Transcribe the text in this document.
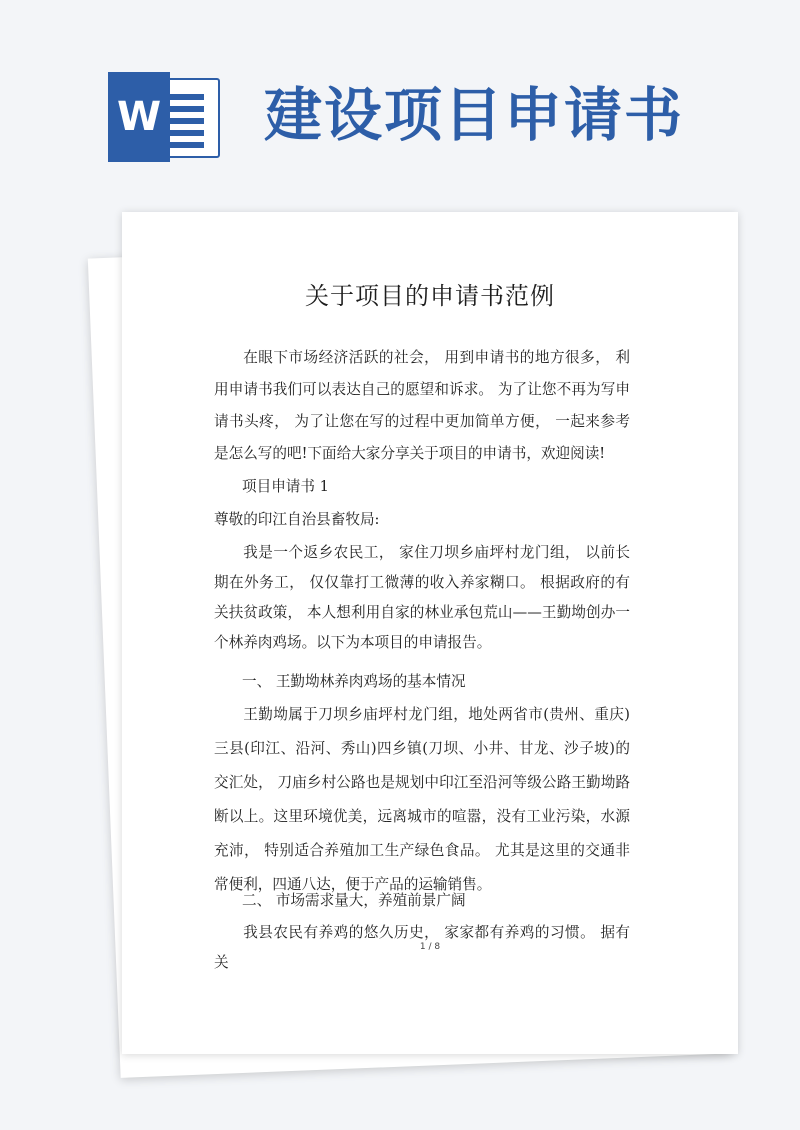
W 建设项目申请书
关于项目的申请书范例

在眼下市场经济活跃的社会， 用到申请书的地方很多， 利用申请书我们可以表达自己的愿望和诉求。 为了让您不再为写申请书头疼， 为了让您在写的过程中更加简单方便， 一起来参考是怎么写的吧!下面给大家分享关于项目的申请书，欢迎阅读!

项目申请书 1

尊敬的印江自治县畜牧局:

我是一个返乡农民工， 家住刀坝乡庙坪村龙门组， 以前长期在外务工， 仅仅靠打工微薄的收入养家糊口。 根据政府的有关扶贫政策， 本人想利用自家的林业承包荒山——王勤坳创办一个林养肉鸡场。以下为本项目的申请报告。

一、 王勤坳林养肉鸡场的基本情况

王勤坳属于刀坝乡庙坪村龙门组，地处两省市(贵州、重庆)三县(印江、沿河、秀山)四乡镇(刀坝、小井、甘龙、沙子坡)的交汇处， 刀庙乡村公路也是规划中印江至沿河等级公路王勤坳路断以上。这里环境优美，远离城市的喧嚣，没有工业污染，水源充沛， 特别适合养殖加工生产绿色食品。 尤其是这里的交通非常便利，四通八达，便于产品的运输销售。

二、 市场需求量大，养殖前景广阔

我县农民有养鸡的悠久历史， 家家都有养鸡的习惯。 据有关

1 / 8
